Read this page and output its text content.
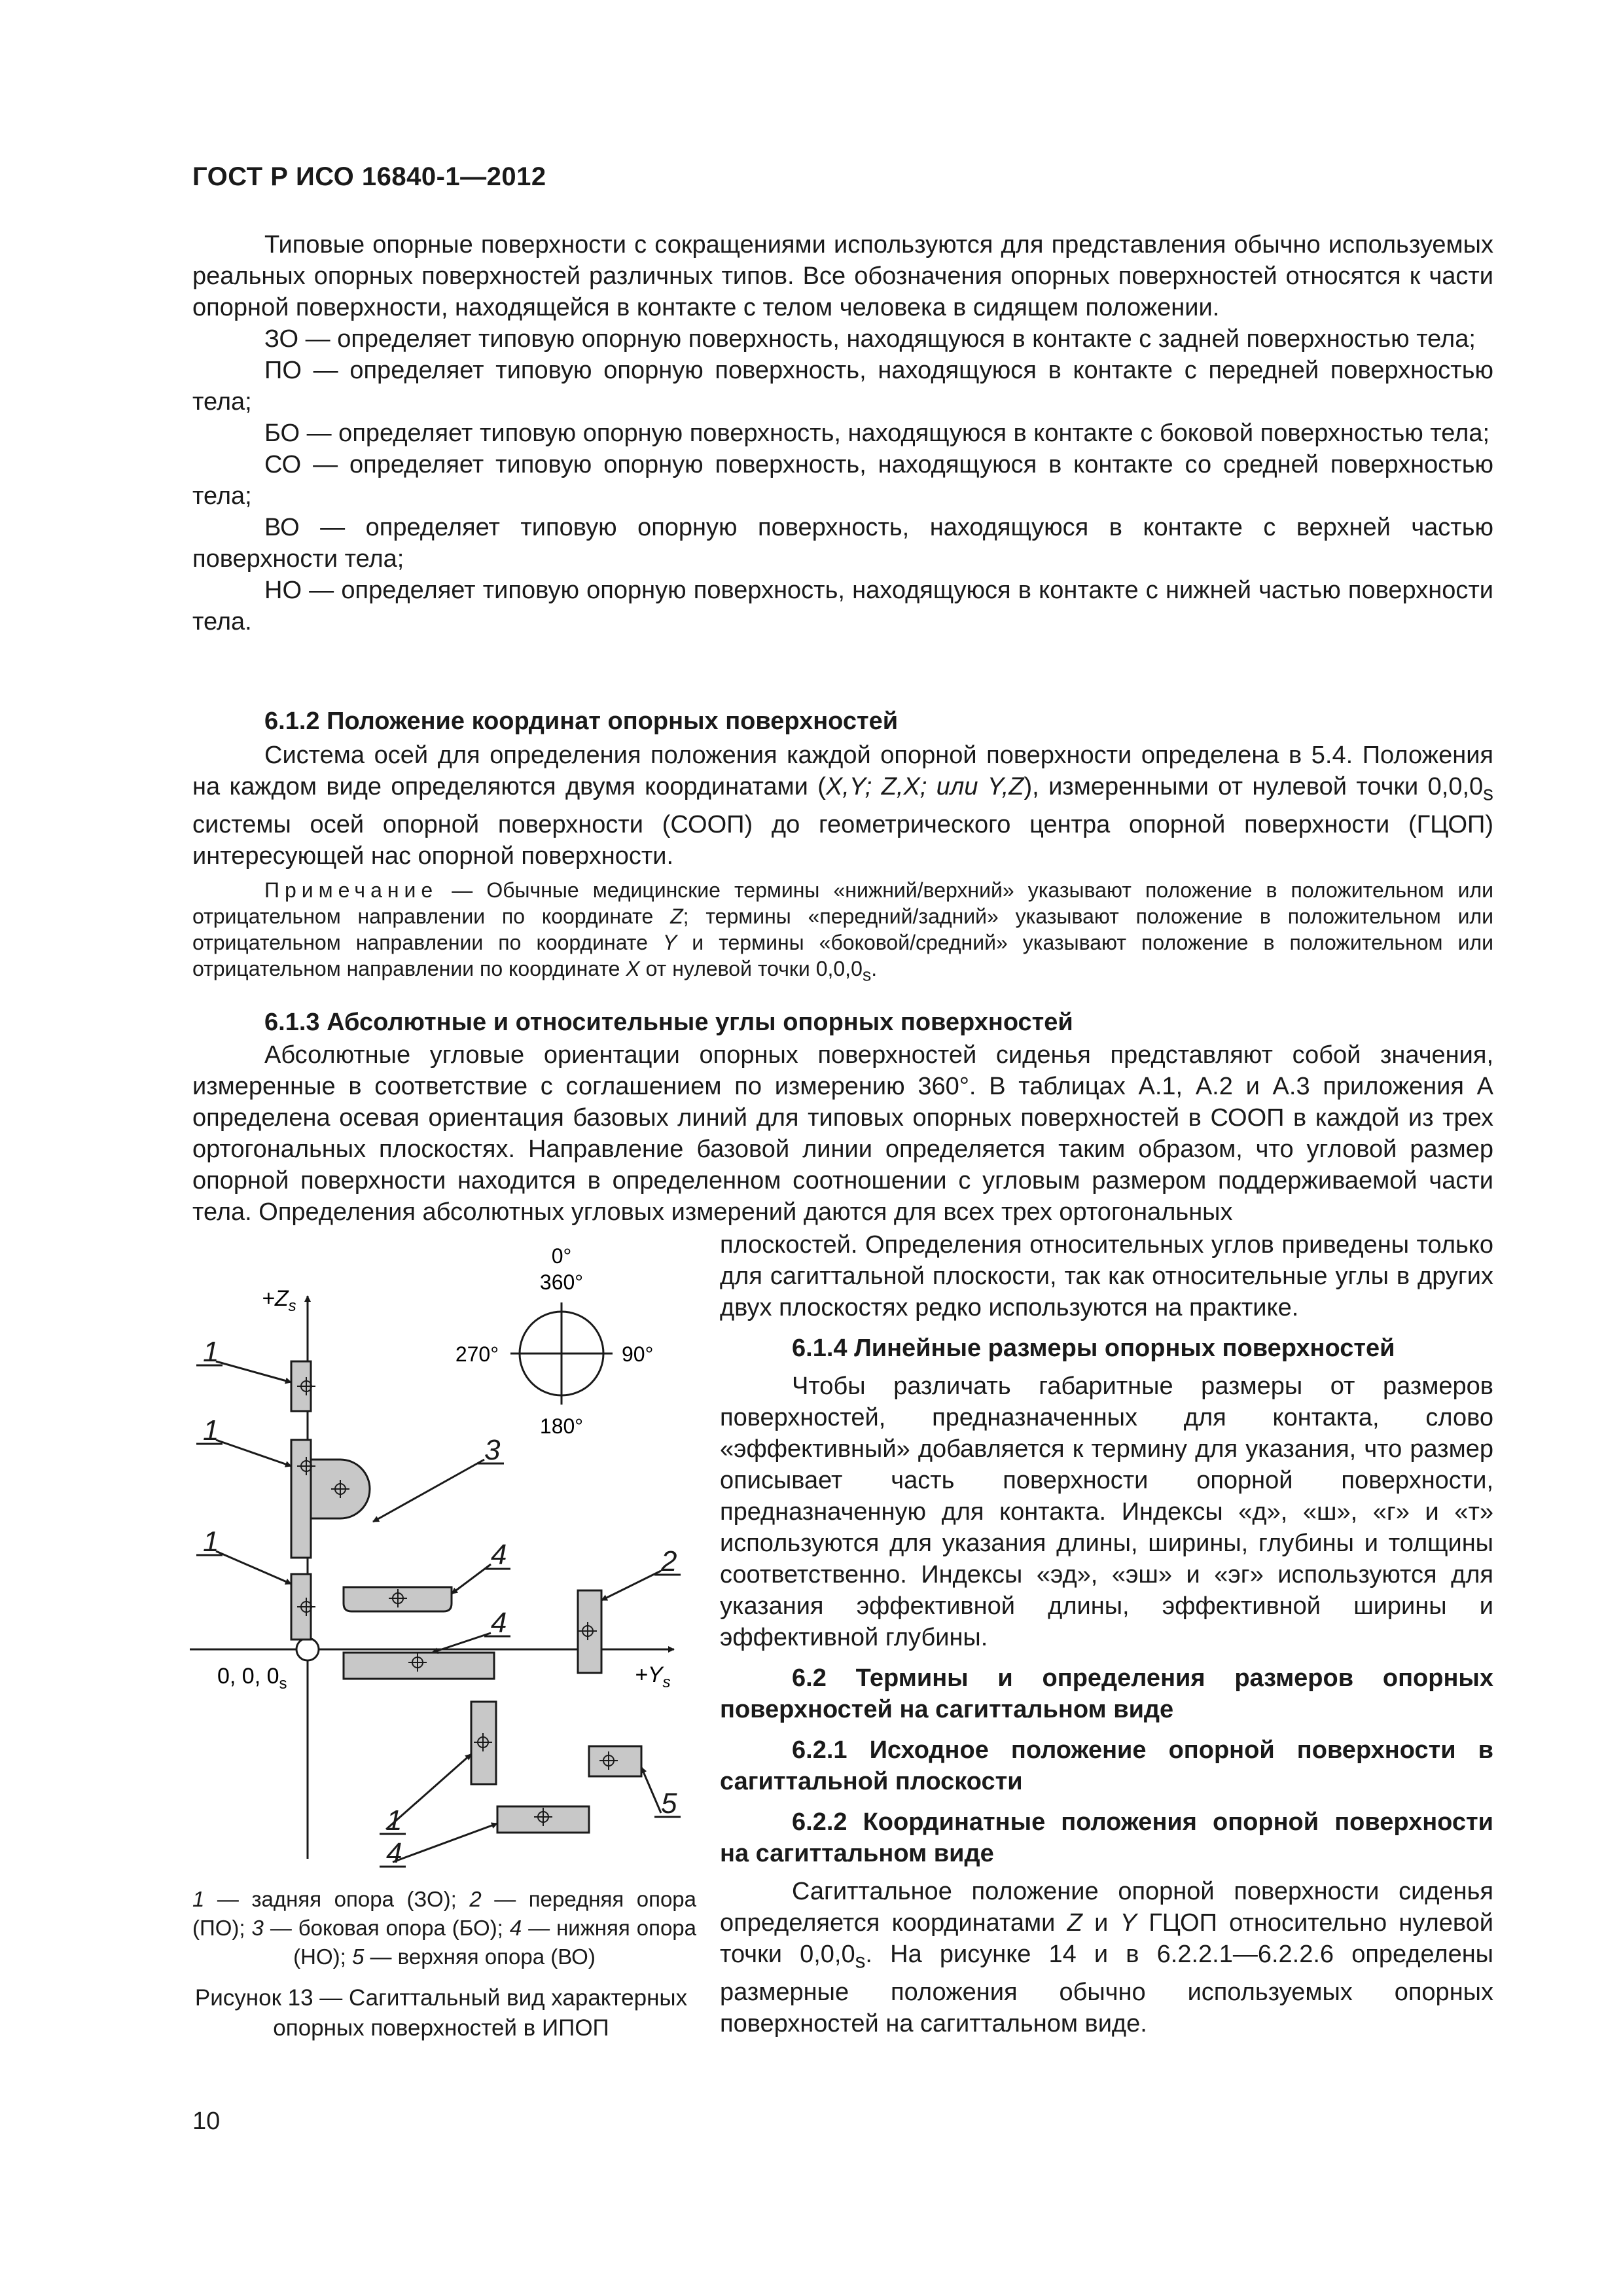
ГОСТ Р ИСО 16840-1—2012

Типовые опорные поверхности с сокращениями используются для представления обычно используемых реальных опорных поверхностей различных типов. Все обозначения опорных поверхностей относятся к части опорной поверхности, находящейся в контакте с телом человека в сидящем положении.

ЗО — определяет типовую опорную поверхность, находящуюся в контакте с задней поверхностью тела;

ПО — определяет типовую опорную поверхность, находящуюся в контакте с передней поверхностью тела;

БО — определяет типовую опорную поверхность, находящуюся в контакте с боковой поверхностью тела;

СО — определяет типовую опорную поверхность, находящуюся в контакте со средней поверхностью тела;

ВО — определяет типовую опорную поверхность, находящуюся в контакте с верхней частью поверхности тела;

НО — определяет типовую опорную поверхность, находящуюся в контакте с нижней частью поверхности тела.

6.1.2 Положение координат опорных поверхностей

Система осей для определения положения каждой опорной поверхности определена в 5.4. Положения на каждом виде определяются двумя координатами (X,Y; Z,X; или Y,Z), измеренными от нулевой точки $0,0,0_s$ системы осей опорной поверхности (СООП) до геометрического центра опорной поверхности (ГЦОП) интересующей нас опорной поверхности.

Примечание — Обычные медицинские термины «нижний/верхний» указывают положение в положительном или отрицательном направлении по координате Z; термины «передний/задний» указывают положение в положительном или отрицательном направлении по координате Y и термины «боковой/средний» указывают положение в положительном или отрицательном направлении по координате X от нулевой точки $0,0,0_s$.

6.1.3 Абсолютные и относительные углы опорных поверхностей

Абсолютные угловые ориентации опорных поверхностей сиденья представляют собой значения, измеренные в соответствие с соглашением по измерению 360°. В таблицах А.1, А.2 и А.3 приложения А определена осевая ориентация базовых линий для типовых опорных поверхностей в СООП в каждой из трех ортогональных плоскостях. Направление базовой линии определяется таким образом, что угловой размер опорной поверхности находится в определенном соотношении с угловым размером поддерживаемой части тела. Определения абсолютных угловых измерений даются для всех трех ортогональных

плоскостей. Определения относительных углов приведены только для сагиттальной плоскости, так как относительные углы в других двух плоскостях редко используются на практике.

6.1.4 Линейные размеры опорных поверхностей

Чтобы различать габаритные размеры от размеров поверхностей, предназначенных для контакта, слово «эффективный» добавляется к термину для указания, что размер описывает часть поверхности опорной поверхности, предназначенную для контакта. Индексы «д», «ш», «г» и «т» используются для указания длины, ширины, глубины и толщины соответственно. Индексы «эд», «эш» и «эг» используются для указания эффективной длины, эффективной ширины и эффективной глубины.

6.2 Термины и определения размеров опорных поверхностей на сагиттальном виде

6.2.1 Исходное положение опорной поверхности в сагиттальной плоскости

6.2.2 Координатные положения опорной поверхности на сагиттальном виде

Сагиттальное положение опорной поверхности сиденья определяется координатами Z и Y ГЦОП относительно нулевой точки $0,0,0_s$. На рисунке 14 и в 6.2.2.1—6.2.2.6 определены размерные положения обычно используемых опорных поверхностей на сагиттальном виде.

$+Z_s$
$+Y_s$
0, 0, $0_s$
0°
360°
90°
180°
270°
1
1
1
3
4
4
2
1
5
4
1 — задняя опора (ЗО); 2 — передняя опора (ПО); 3 — боковая опора (БО); 4 — нижняя опора (НО); 5 — верхняя опора (ВО)
Рисунок 13 — Сагиттальный вид характерных опорных поверхностей в ИПОП
10
